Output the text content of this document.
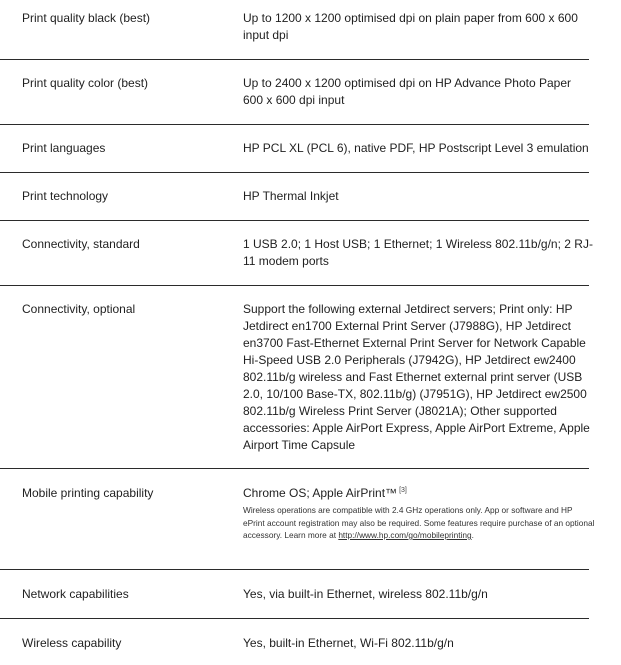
Print quality black (best)	Up to 1200 x 1200 optimised dpi on plain paper from 600 x 600 input dpi
Print quality color (best)	Up to 2400 x 1200 optimised dpi on HP Advance Photo Paper 600 x 600 dpi input
Print languages	HP PCL XL (PCL 6), native PDF, HP Postscript Level 3 emulation
Print technology	HP Thermal Inkjet
Connectivity, standard	1 USB 2.0; 1 Host USB; 1 Ethernet; 1 Wireless 802.11b/g/n; 2 RJ-11 modem ports
Connectivity, optional	Support the following external Jetdirect servers; Print only: HP Jetdirect en1700 External Print Server (J7988G), HP Jetdirect en3700 Fast-Ethernet External Print Server for Network Capable Hi-Speed USB 2.0 Peripherals (J7942G), HP Jetdirect ew2400 802.11b/g wireless and Fast Ethernet external print server (USB 2.0, 10/100 Base-TX, 802.11b/g) (J7951G), HP Jetdirect ew2500 802.11b/g Wireless Print Server (J8021A); Other supported accessories: Apple AirPort Express, Apple AirPort Extreme, Apple Airport Time Capsule
Mobile printing capability	Chrome OS; Apple AirPrint™ [3]
Wireless operations are compatible with 2.4 GHz operations only. App or software and HP ePrint account registration may also be required. Some features require purchase of an optional accessory. Learn more at http://www.hp.com/go/mobileprinting.
Network capabilities	Yes, via built-in Ethernet, wireless 802.11b/g/n
Wireless capability	Yes, built-in Ethernet, Wi-Fi 802.11b/g/n
